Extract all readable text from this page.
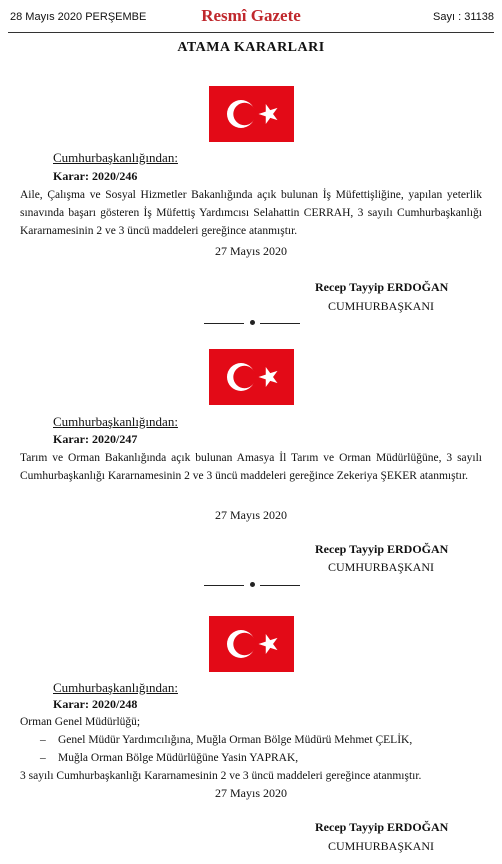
28 Mayıs 2020 PERŞEMBE	Resmî Gazete	Sayı : 31138
ATAMA KARARLARI
Cumhurbaşkanlığından:
Karar: 2020/246
Aile, Çalışma ve Sosyal Hizmetler Bakanlığında açık bulunan İş Müfettişliğine, yapılan yeterlik sınavında başarı gösteren İş Müfettiş Yardımcısı Selahattin CERRAH, 3 sayılı Cumhurbaşkanlığı Kararnamesinin 2 ve 3 üncü maddeleri gereğince atanmıştır.
27 Mayıs 2020
Recep Tayyip ERDOĞAN
CUMHURBAŞKANI
Cumhurbaşkanlığından:
Karar: 2020/247
Tarım ve Orman Bakanlığında açık bulunan Amasya İl Tarım ve Orman Müdürlüğüne, 3 sayılı Cumhurbaşkanlığı Kararnamesinin 2 ve 3 üncü maddeleri gereğince Zekeriya ŞEKER atanmıştır.
27 Mayıs 2020
Recep Tayyip ERDOĞAN
CUMHURBAŞKANI
Cumhurbaşkanlığından:
Karar: 2020/248
Orman Genel Müdürlüğü;
– Genel Müdür Yardımcılığına, Muğla Orman Bölge Müdürü Mehmet ÇELİK,
– Muğla Orman Bölge Müdürlüğüne Yasin YAPRAK,
3 sayılı Cumhurbaşkanlığı Kararnamesinin 2 ve 3 üncü maddeleri gereğince atanmıştır.
27 Mayıs 2020
Recep Tayyip ERDOĞAN
CUMHURBAŞKANI
